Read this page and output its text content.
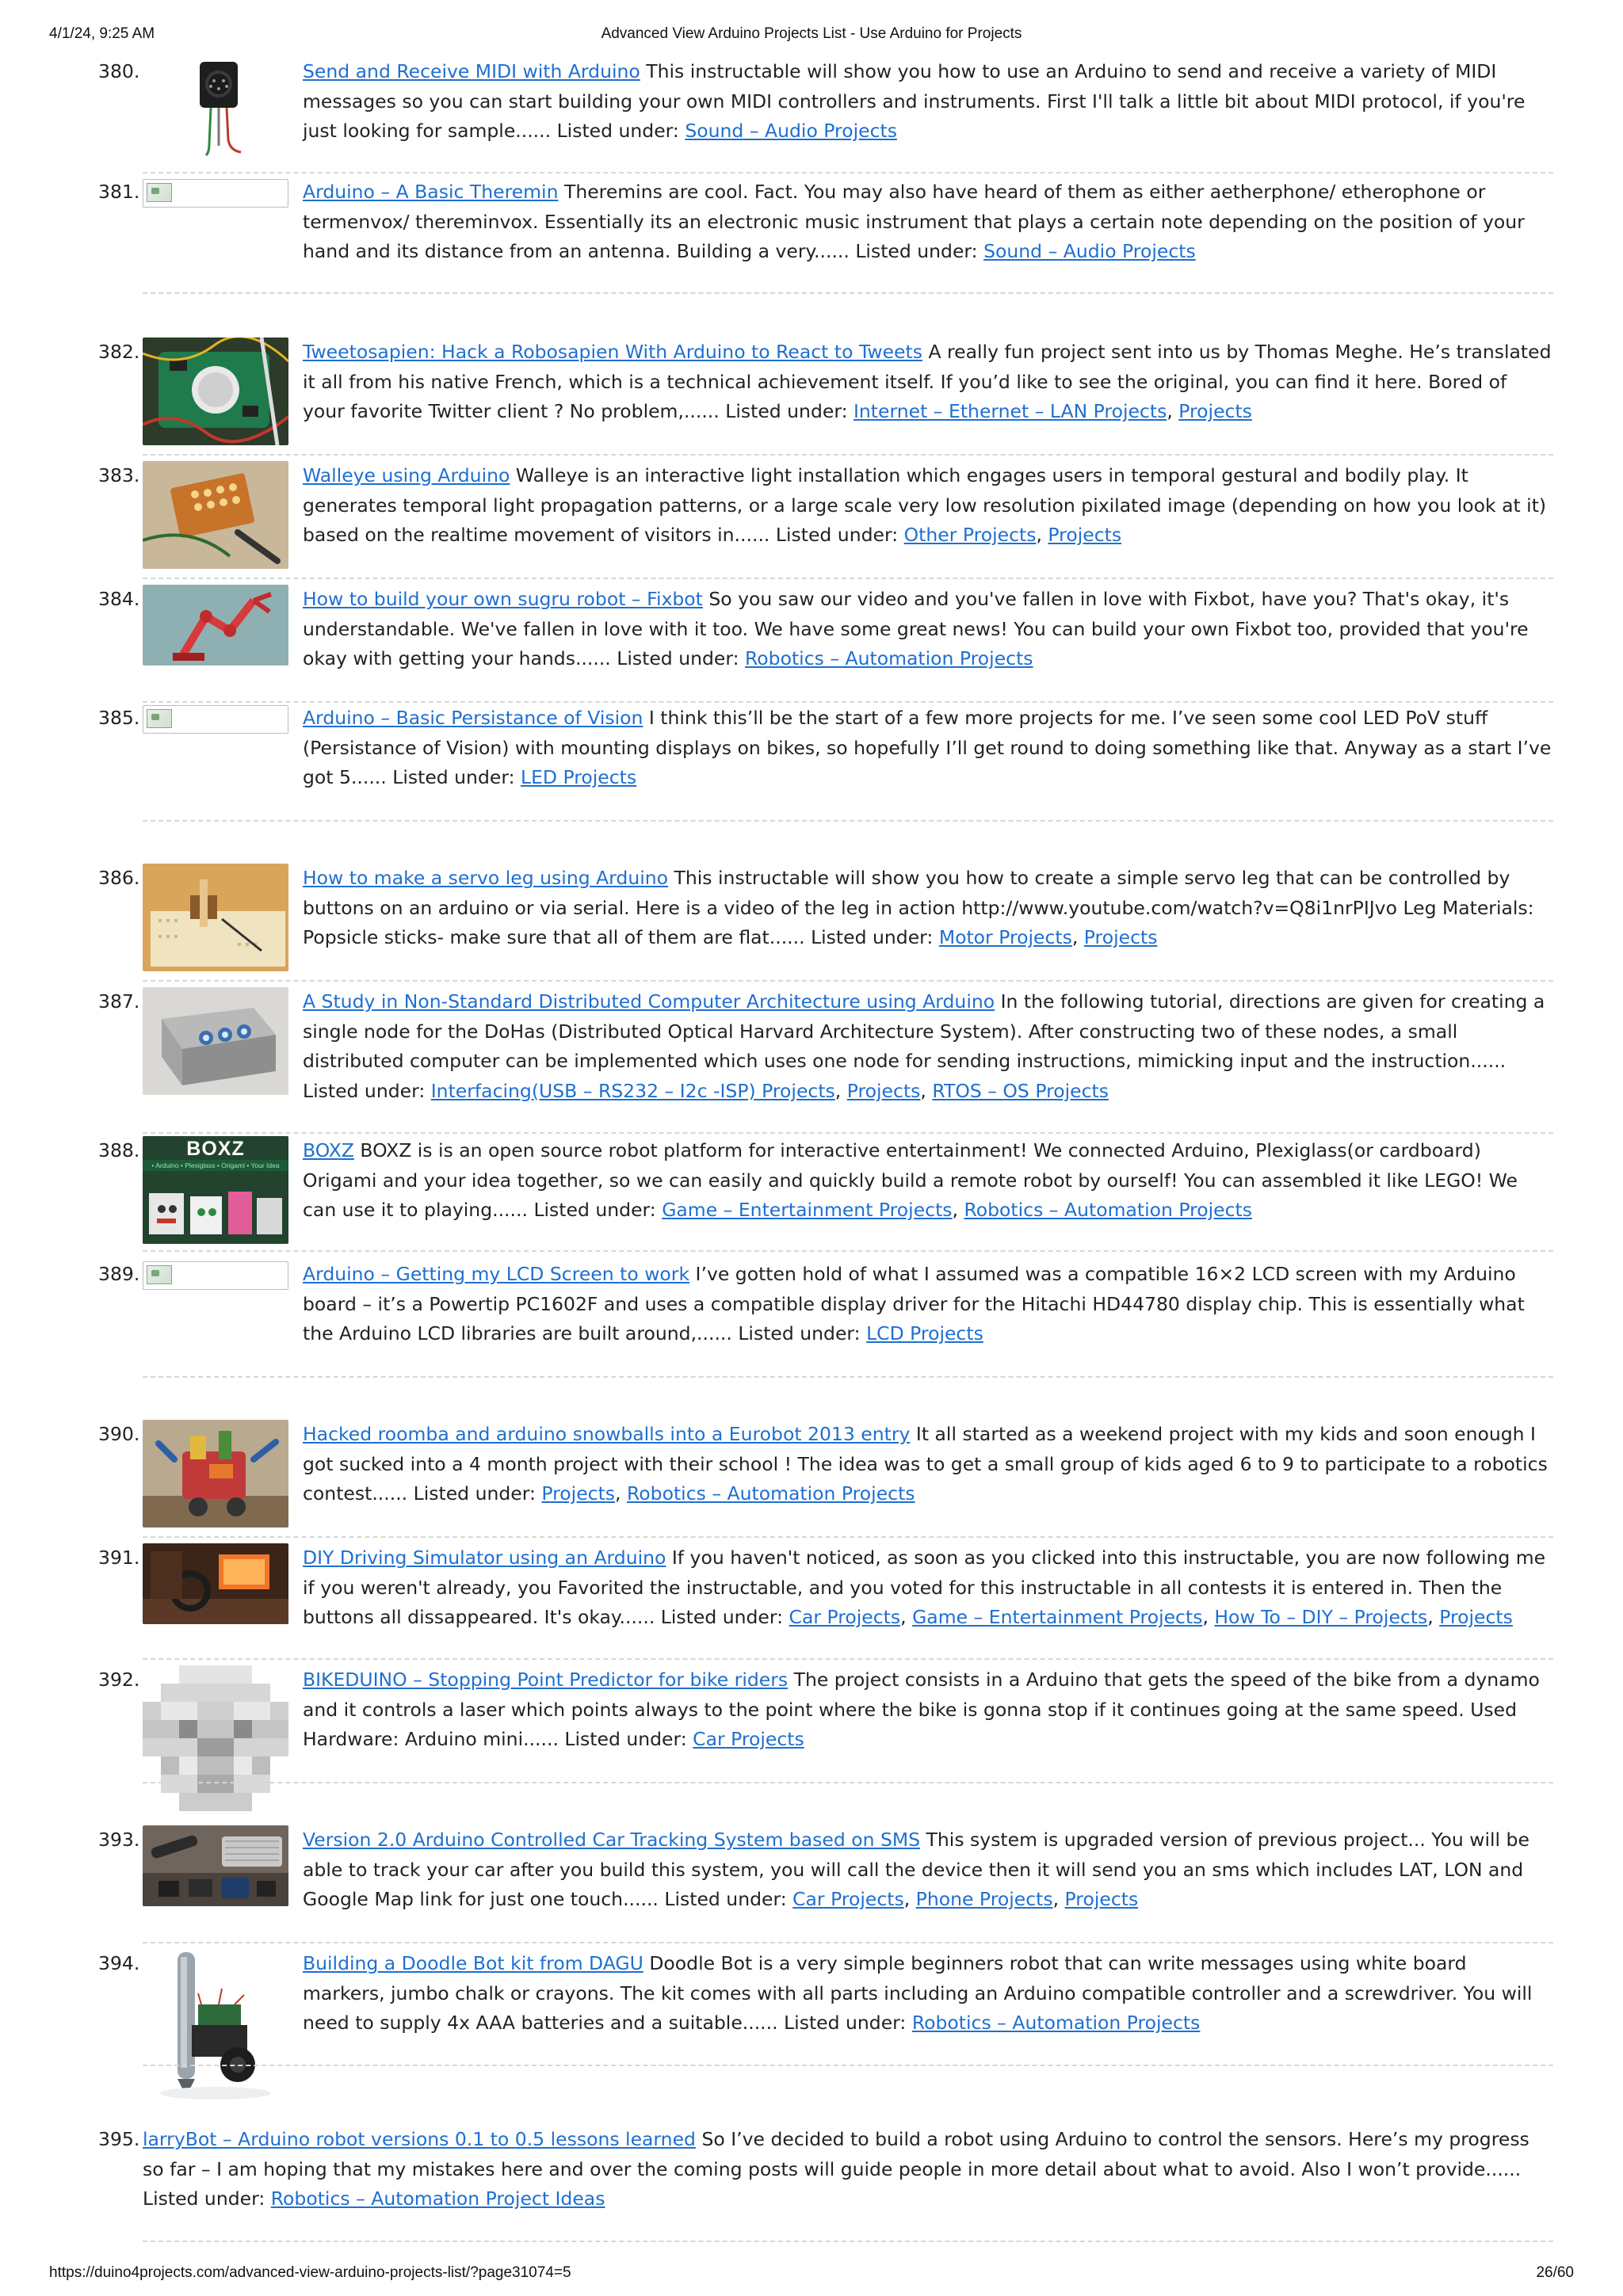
4/1/24, 9:25 AM	Advanced View Arduino Projects List - Use Arduino for Projects
380.	Send and Receive MIDI with Arduino This instructable will show you how to use an Arduino to send and receive a variety of MIDI messages so you can start building your own MIDI controllers and instruments. First I'll talk a little bit about MIDI protocol, if you're just looking for sample...... Listed under: Sound – Audio Projects
381.	Arduino – A Basic Theremin Theremins are cool. Fact. You may also have heard of them as either aetherphone/ etherophone or termenvox/ thereminvox. Essentially its an electronic music instrument that plays a certain note depending on the position of your hand and its distance from an antenna. Building a very...... Listed under: Sound – Audio Projects
382.	Tweetosapien: Hack a Robosapien With Arduino to React to Tweets A really fun project sent into us by Thomas Meghe. He’s translated it all from his native French, which is a technical achievement itself. If you’d like to see the original, you can find it here. Bored of your favorite Twitter client ? No problem,...... Listed under: Internet – Ethernet – LAN Projects, Projects
383.	Walleye using Arduino Walleye is an interactive light installation which engages users in temporal gestural and bodily play. It generates temporal light propagation patterns, or a large scale very low resolution pixilated image (depending on how you look at it) based on the realtime movement of visitors in...... Listed under: Other Projects, Projects
384.	How to build your own sugru robot – Fixbot So you saw our video and you've fallen in love with Fixbot, have you? That's okay, it's understandable. We've fallen in love with it too. We have some great news! You can build your own Fixbot too, provided that you're okay with getting your hands...... Listed under: Robotics – Automation Projects
385.	Arduino – Basic Persistance of Vision I think this’ll be the start of a few more projects for me. I’ve seen some cool LED PoV stuff (Persistance of Vision) with mounting displays on bikes, so hopefully I’ll get round to doing something like that. Anyway as a start I’ve got 5...... Listed under: LED Projects
386.	How to make a servo leg using Arduino This instructable will show you how to create a simple servo leg that can be controlled by buttons on an arduino or via serial. Here is a video of the leg in action http://www.youtube.com/watch?v=Q8i1nrPIJvo Leg Materials: Popsicle sticks- make sure that all of them are flat...... Listed under: Motor Projects, Projects
387.	A Study in Non-Standard Distributed Computer Architecture using Arduino In the following tutorial, directions are given for creating a single node for the DoHas (Distributed Optical Harvard Architecture System). After constructing two of these nodes, a small distributed computer can be implemented which uses one node for sending instructions, mimicking input and the instruction...... Listed under: Interfacing(USB – RS232 – I2c -ISP) Projects, Projects, RTOS – OS Projects
388.	BOXZ
• Arduino • Plexiglass • Origami • Your Idea
BOXZ BOXZ is is an open source robot platform for interactive entertainment! We connected Arduino, Plexiglass(or cardboard) Origami and your idea together, so we can easily and quickly build a remote robot by ourself! You can assembled it like LEGO! We can use it to playing...... Listed under: Game – Entertainment Projects, Robotics – Automation Projects
389.	Arduino – Getting my LCD Screen to work I’ve gotten hold of what I assumed was a compatible 16×2 LCD screen with my Arduino board – it’s a Powertip PC1602F and uses a compatible display driver for the Hitachi HD44780 display chip. This is essentially what the Arduino LCD libraries are built around,...... Listed under: LCD Projects
390.	Hacked roomba and arduino snowballs into a Eurobot 2013 entry It all started as a weekend project with my kids and soon enough I got sucked into a 4 month project with their school ! The idea was to get a small group of kids aged 6 to 9 to participate to a robotics contest...... Listed under: Projects, Robotics – Automation Projects
391.	DIY Driving Simulator using an Arduino If you haven't noticed, as soon as you clicked into this instructable, you are now following me if you weren't already, you Favorited the instructable, and you voted for this instructable in all contests it is entered in. Then the buttons all dissappeared. It's okay...... Listed under: Car Projects, Game – Entertainment Projects, How To – DIY – Projects, Projects
392.	BIKEDUINO – Stopping Point Predictor for bike riders The project consists in a Arduino that gets the speed of the bike from a dynamo and it controls a laser which points always to the point where the bike is gonna stop if it continues going at the same speed. Used Hardware: Arduino mini...... Listed under: Car Projects
393.	Version 2.0 Arduino Controlled Car Tracking System based on SMS This system is upgraded version of previous project... You will be able to track your car after you build this system, you will call the device then it will send you an sms which includes LAT, LON and Google Map link for just one touch...... Listed under: Car Projects, Phone Projects, Projects
394.	Building a Doodle Bot kit from DAGU Doodle Bot is a very simple beginners robot that can write messages using white board markers, jumbo chalk or crayons. The kit comes with all parts including an Arduino compatible controller and a screwdriver. You will need to supply 4x AAA batteries and a suitable...... Listed under: Robotics – Automation Projects
395. larryBot – Arduino robot versions 0.1 to 0.5 lessons learned So I’ve decided to build a robot using Arduino to control the sensors. Here’s my progress so far – I am hoping that my mistakes here and over the coming posts will guide people in more detail about what to avoid. Also I won’t provide...... Listed under: Robotics – Automation Project Ideas
https://duino4projects.com/advanced-view-arduino-projects-list/?page31074=5	26/60
